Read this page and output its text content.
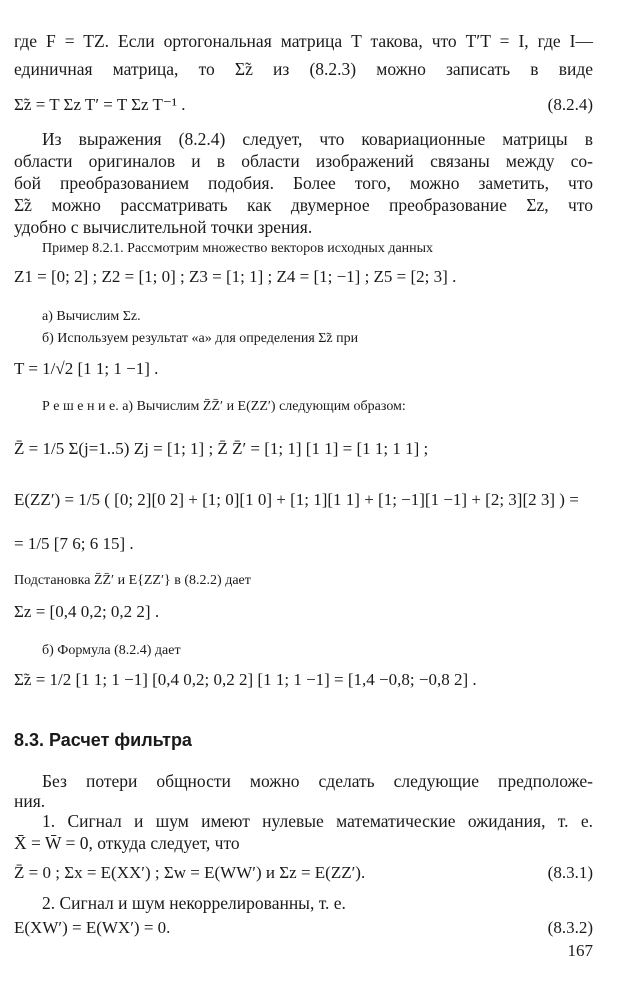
где F = TZ. Если ортогональная матрица T такова, что T′T = I, где I—
единичная матрица, то Σ̃z из (8.2.3) можно записать в виде
Σ̃z = T Σz T′ = T Σz T⁻¹ .	(8.2.4)
Из выражения (8.2.4) следует, что ковариационные матрицы в
области оригиналов и в области изображений связаны между со-
бой преобразованием подобия. Более того, можно заметить, что
Σ̃z можно рассматривать как двумерное преобразование Σz, что
удобно с вычислительной точки зрения.
Пример 8.2.1. Рассмотрим множество векторов исходных данных
Z1 = [0; 2] ; Z2 = [1; 0] ; Z3 = [1; 1] ; Z4 = [1; −1] ; Z5 = [2; 3] .
а) Вычислим Σz.
б) Используем результат «а» для определения Σ̃z при
T = 1/√2 [1 1; 1 −1] .
Р е ш е н и е. а) Вычислим Z̄Z̄′ и E(ZZ′) следующим образом:
Z̄ = 1/5 Σ(j=1..5) Zj = [1; 1] ; Z̄ Z̄′ = [1; 1] [1 1] = [1 1; 1 1] ;
E(ZZ′) = 1/5 ( [0; 2][0 2] + [1; 0][1 0] + [1; 1][1 1] + [1; −1][1 −1] + [2; 3][2 3] ) =
= 1/5 [7 6; 6 15] .
Подстановка Z̄Z̄′ и E{ZZ′} в (8.2.2) дает
Σz = [0,4 0,2; 0,2 2] .
б) Формула (8.2.4) дает
Σ̃z = 1/2 [1 1; 1 −1] [0,4 0,2; 0,2 2] [1 1; 1 −1] = [1,4 −0,8; −0,8 2] .
8.3. Расчет фильтра
Без потери общности можно сделать следующие предположе-
ния.
1. Сигнал и шум имеют нулевые математические ожидания, т. е.
X̄ = W̄ = 0, откуда следует, что
Z̄ = 0 ; Σx = E(XX′) ; Σw = E(WW′) и Σz = E(ZZ′).	(8.3.1)
2. Сигнал и шум некоррелированны, т. е.
E(XW′) = E(WX′) = 0.	(8.3.2)
167
